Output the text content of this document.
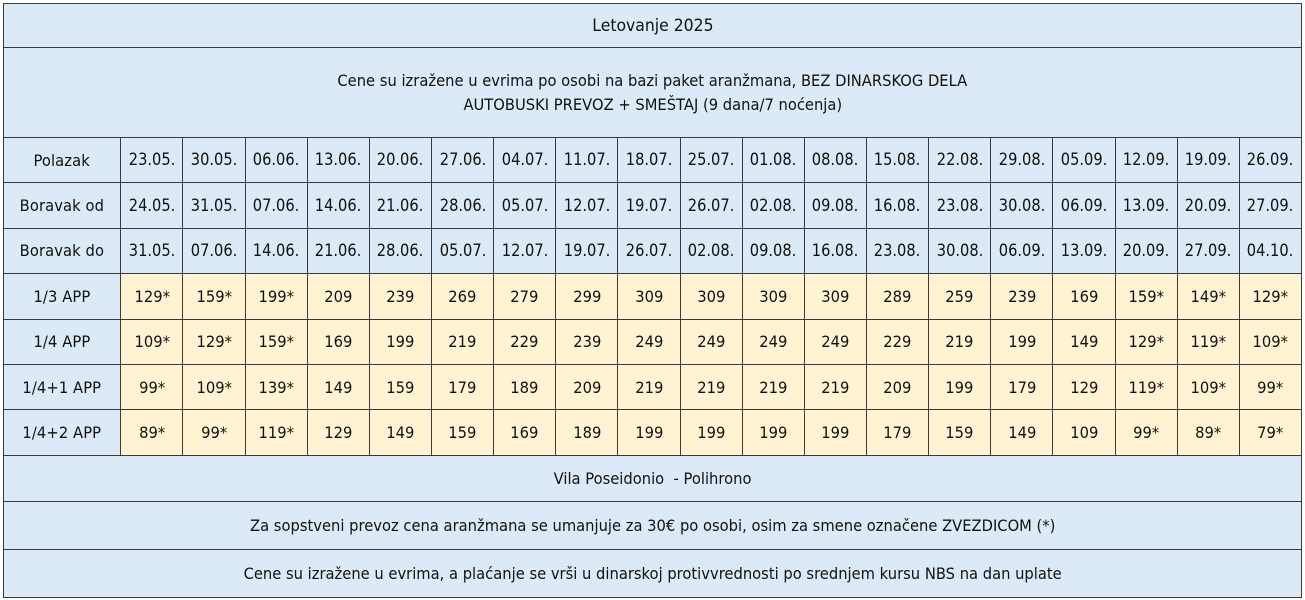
Letovanje 2025																			
Cene su izražene u evrima po osobi na bazi paket aranžmana, BEZ DINARSKOG DELA
AUTOBUSKI PREVOZ + SMEŠTAJ (9 dana/7 noćenja)																			
Polazak	23.05.	30.05.	06.06.	13.06.	20.06.	27.06.	04.07.	11.07.	18.07.	25.07.	01.08.	08.08.	15.08.	22.08.	29.08.	05.09.	12.09.	19.09.	26.09.
Boravak od	24.05.	31.05.	07.06.	14.06.	21.06.	28.06.	05.07.	12.07.	19.07.	26.07.	02.08.	09.08.	16.08.	23.08.	30.08.	06.09.	13.09.	20.09.	27.09.
Boravak do	31.05.	07.06.	14.06.	21.06.	28.06.	05.07.	12.07.	19.07.	26.07.	02.08.	09.08.	16.08.	23.08.	30.08.	06.09.	13.09.	20.09.	27.09.	04.10.
1/3 APP	129*	159*	199*	209	239	269	279	299	309	309	309	309	289	259	239	169	159*	149*	129*
1/4 APP	109*	129*	159*	169	199	219	229	239	249	249	249	249	229	219	199	149	129*	119*	109*
1/4+1 APP	99*	109*	139*	149	159	179	189	209	219	219	219	219	209	199	179	129	119*	109*	99*
1/4+2 APP	89*	99*	119*	129	149	159	169	189	199	199	199	199	179	159	149	109	99*	89*	79*
Vila Poseidonio  - Polihrono																			
Za sopstveni prevoz cena aranžmana se umanjuje za 30€ po osobi, osim za smene označene ZVEZDICOM (*)																			
Cene su izražene u evrima, a plaćanje se vrši u dinarskoj protivvrednosti po srednjem kursu NBS na dan uplate																			
